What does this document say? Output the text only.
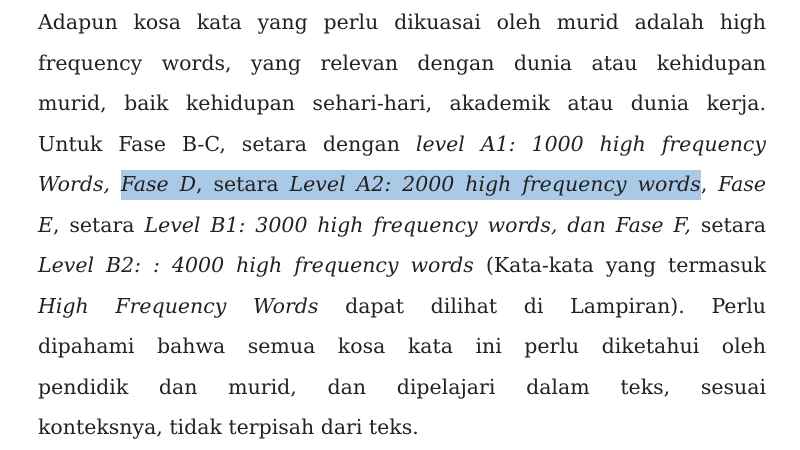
Adapun kosa kata yang perlu dikuasai oleh murid adalah high
frequency words, yang relevan dengan dunia atau kehidupan
murid, baik kehidupan sehari-hari, akademik atau dunia kerja.
Untuk Fase B-C, setara dengan level A1: 1000 high frequency
Words, Fase D, setara Level A2: 2000 high frequency words, Fase
E, setara Level B1: 3000 high frequency words, dan Fase F, setara
Level B2: : 4000 high frequency words (Kata-kata yang termasuk
High Frequency Words dapat dilihat di Lampiran). Perlu
dipahami bahwa semua kosa kata ini perlu diketahui oleh
pendidik dan murid, dan dipelajari dalam teks, sesuai
konteksnya, tidak terpisah dari teks.
